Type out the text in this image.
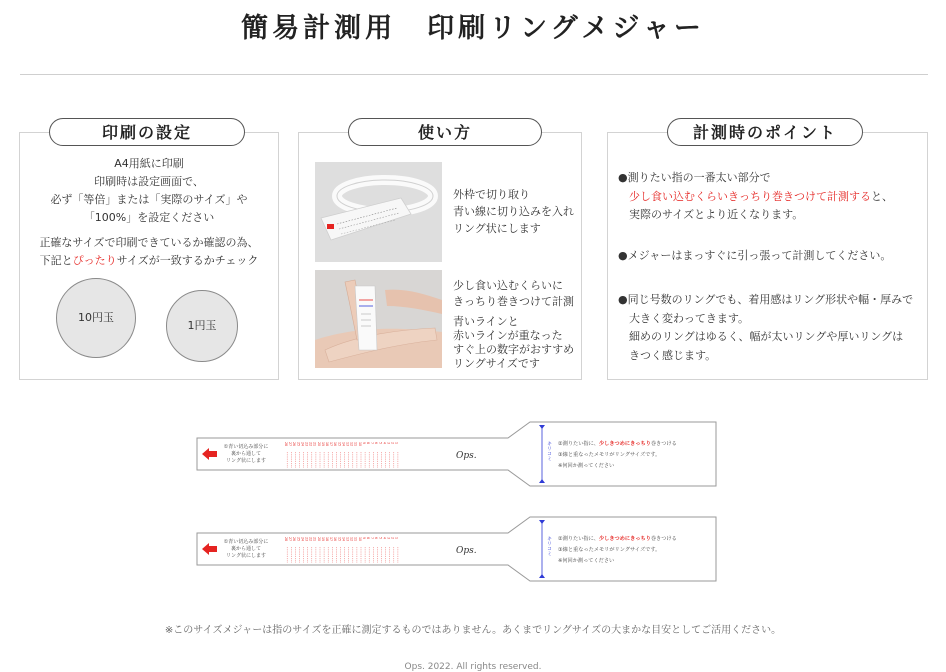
簡易計測用　印刷リングメジャー
印刷の設定
A4用紙に印刷
印刷時は設定画面で、
必ず「等倍」または「実際のサイズ」や
「100%」を設定ください
正確なサイズで印刷できているか確認の為、
下記とぴったりサイズが一致するかチェック
10円玉
1円玉
使い方
外枠で切り取り
青い線に切り込みを入れ
リング状にします
少し食い込むくらいに
きっちり巻きつけて計測
青いラインと
赤いラインが重なった
すぐ上の数字がおすすめ
リングサイズです
計測時のポイント
●測りたい指の一番太い部分で

少し食い込むくらいきっちり巻きつけて計測すると、
実際のサイズとより近くなります。
●メジャーはまっすぐに引っ張って計測してください。
●同じ号数のリングでも、着用感はリング形状や幅・厚みで
大きく変わってきます。
細めのリングはゆるく、幅が太いリングや厚いリングは
きつく感じます。
①青い切込み部分に
裏から通して
リング状にします
28 27 26 25 24 23 22 21 20 19 18 17 16 15 14 13 12 11 10 9 8 7 6 5 4 3 2 1
Ops.	キリコミ ②測りたい指に、少しきつめにきっちり巻きつける
③線と重なったメモリがリングサイズです。
※何回か測ってください
①青い切込み部分に
裏から通して
リング状にします
28 27 26 25 24 23 22 21 20 19 18 17 16 15 14 13 12 11 10 9 8 7 6 5 4 3 2 1
Ops.	キリコミ ②測りたい指に、少しきつめにきっちり巻きつける
③線と重なったメモリがリングサイズです。
※何回か測ってください
※このサイズメジャーは指のサイズを正確に測定するものではありません。あくまでリングサイズの大まかな目安としてご活用ください。
Ops. 2022. All rights reserved.
